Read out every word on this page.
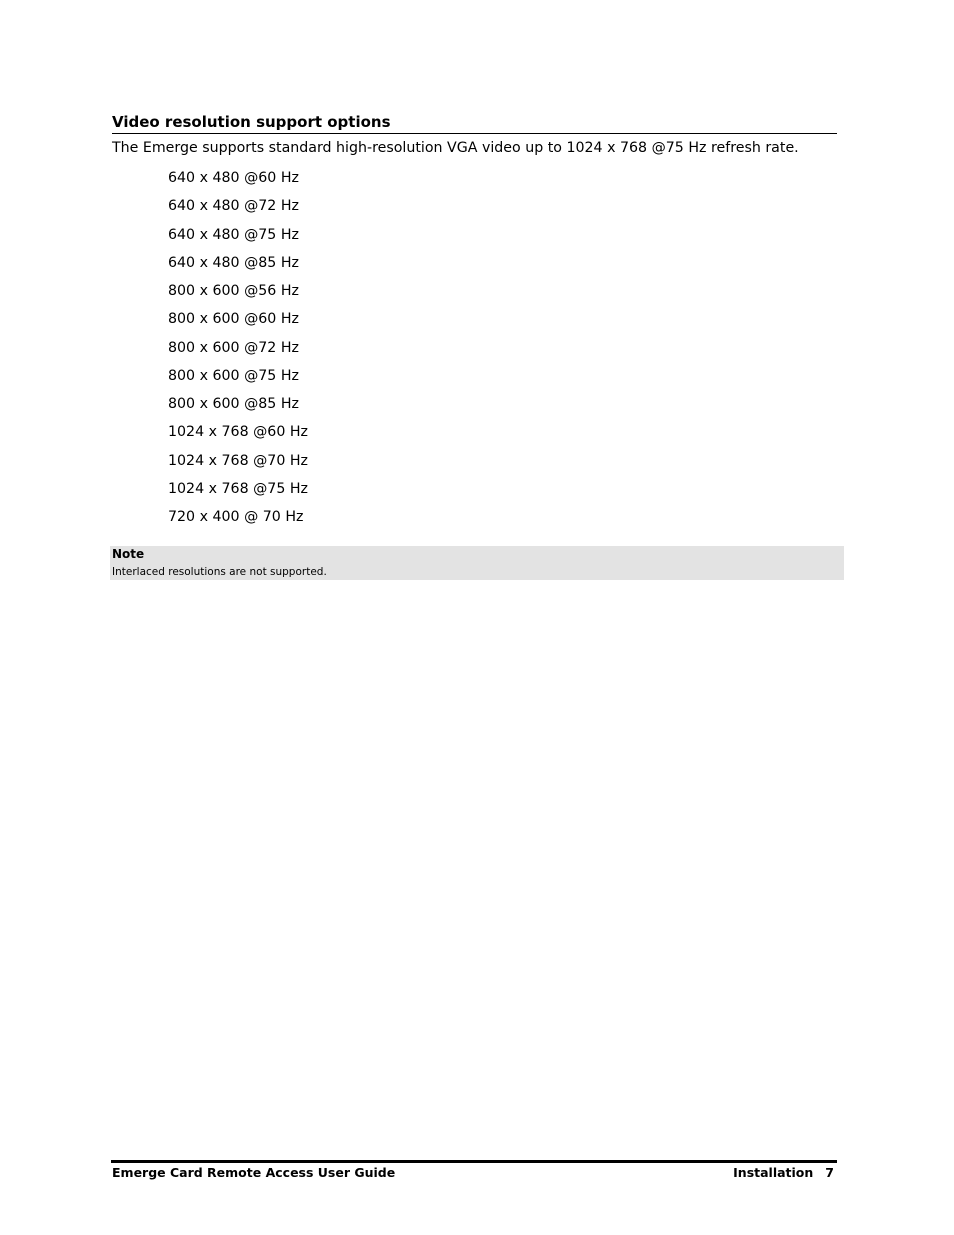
Video resolution support options

The Emerge supports standard high-resolution VGA video up to 1024 x 768 @75 Hz refresh rate.

640 x 480 @60 Hz
640 x 480 @72 Hz
640 x 480 @75 Hz
640 x 480 @85 Hz
800 x 600 @56 Hz
800 x 600 @60 Hz
800 x 600 @72 Hz
800 x 600 @75 Hz
800 x 600 @85 Hz
1024 x 768 @60 Hz
1024 x 768 @70 Hz
1024 x 768 @75 Hz
720 x 400 @ 70 Hz
Note
Interlaced resolutions are not supported.
Emerge Card Remote Access User Guide	Installation 7
